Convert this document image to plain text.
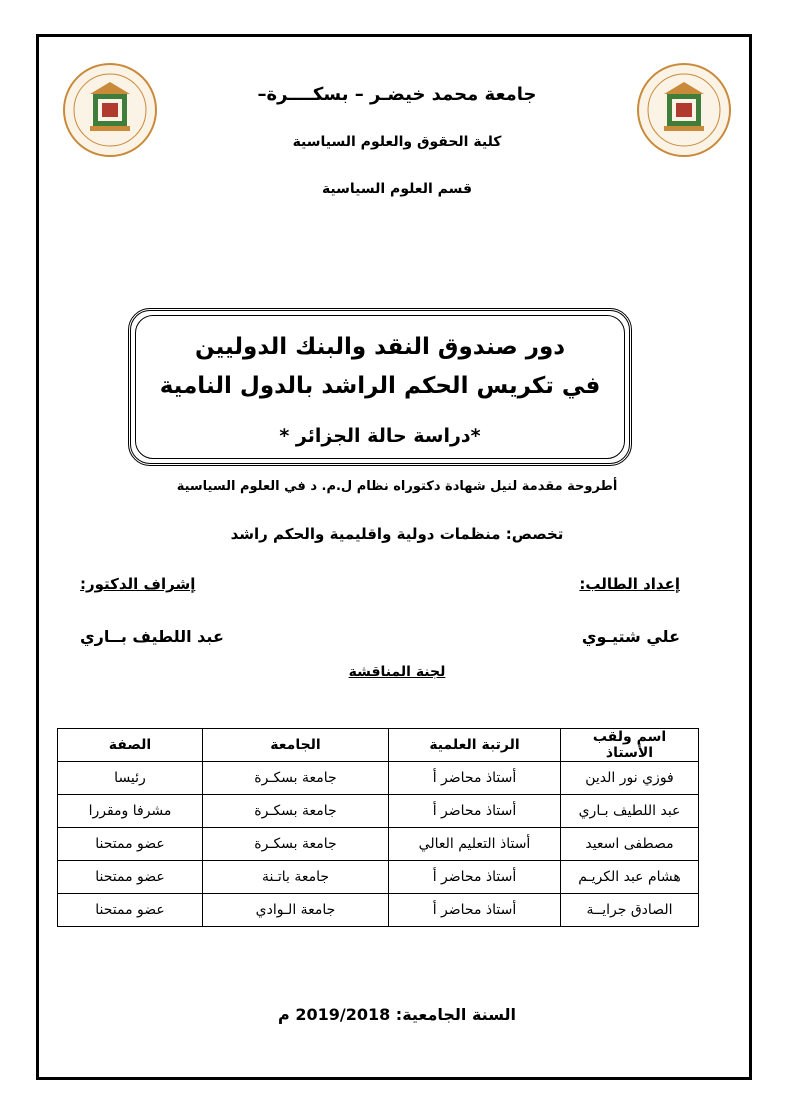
جامعة محمد خيضـر – بسكــــرة–
كلية الحقوق والعلوم السياسية
قسم العلوم السياسية
دور صندوق النقد والبنك الدوليين
في تكريس الحكم الراشد بالدول النامية
*دراسة حالة الجزائر *
أطروحة مقدمة لنيل شهادة دكتوراه نظام ل.م. د في العلوم السياسية
تخصص: منظمات دولية واقليمية والحكم راشد
إعداد الطالب:
إشراف الدكتور:
علي شتيـوي
عبد اللطيف بــاري
لجنة المناقشة
اسم ولقب الأستاذ	الرتبة العلمية	الجامعة	الصفة
فوزي نور الدين	أستاذ محاضر أ	جامعة بسكـرة	رئيسا
عبد اللطيف بـاري	أستاذ محاضر أ	جامعة بسكـرة	مشرفا ومقررا
مصطفى اسعيد	أستاذ التعليم العالي	جامعة بسكـرة	عضو ممتحنا
هشام عبد الكريـم	أستاذ محاضر أ	جامعة باتـنة	عضو ممتحنا
الصادق جرايــة	أستاذ محاضر أ	جامعة الـوادي	عضو ممتحنا
السنة الجامعية: 2019/2018 م
